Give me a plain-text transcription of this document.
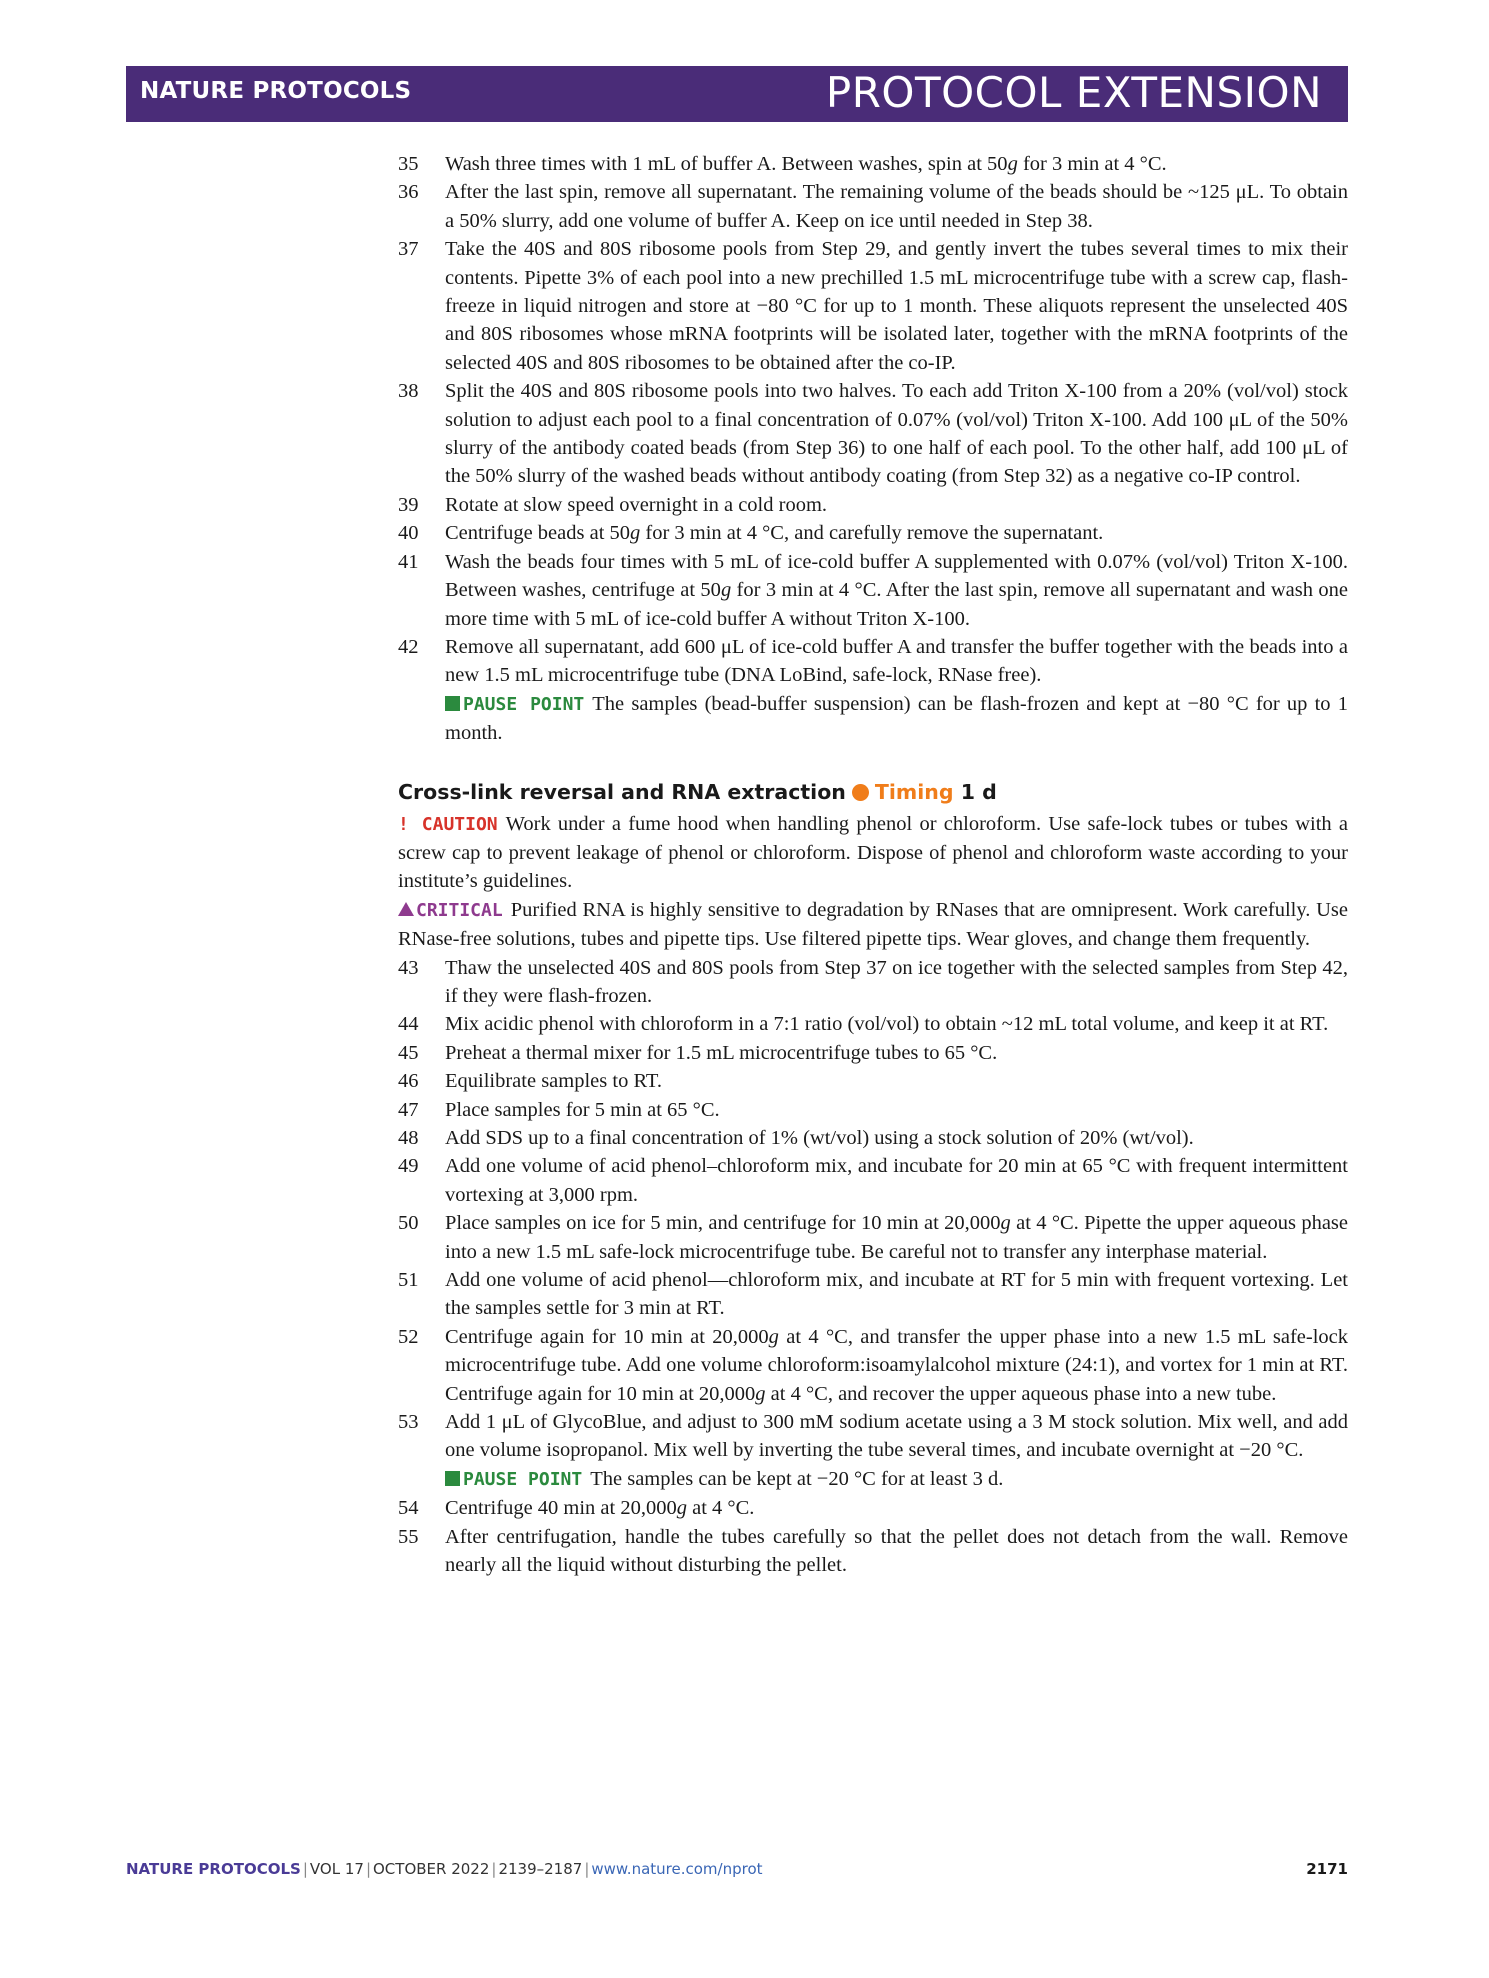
NATURE PROTOCOLS	PROTOCOL EXTENSION

35 Wash three times with 1 mL of buffer A. Between washes, spin at 50g for 3 min at 4 °C.

36 After the last spin, remove all supernatant. The remaining volume of the beads should be ~125 μL. To obtain a 50% slurry, add one volume of buffer A. Keep on ice until needed in Step 38.

37 Take the 40S and 80S ribosome pools from Step 29, and gently invert the tubes several times to mix their contents. Pipette 3% of each pool into a new prechilled 1.5 mL microcentrifuge tube with a screw cap, flash-freeze in liquid nitrogen and store at −80 °C for up to 1 month. These aliquots represent the unselected 40S and 80S ribosomes whose mRNA footprints will be isolated later, together with the mRNA footprints of the selected 40S and 80S ribosomes to be obtained after the co-IP.

38 Split the 40S and 80S ribosome pools into two halves. To each add Triton X-100 from a 20% (vol/vol) stock solution to adjust each pool to a final concentration of 0.07% (vol/vol) Triton X-100. Add 100 μL of the 50% slurry of the antibody coated beads (from Step 36) to one half of each pool. To the other half, add 100 μL of the 50% slurry of the washed beads without antibody coating (from Step 32) as a negative co-IP control.

39 Rotate at slow speed overnight in a cold room.

40 Centrifuge beads at 50g for 3 min at 4 °C, and carefully remove the supernatant.

41 Wash the beads four times with 5 mL of ice-cold buffer A supplemented with 0.07% (vol/vol) Triton X-100. Between washes, centrifuge at 50g for 3 min at 4 °C. After the last spin, remove all supernatant and wash one more time with 5 mL of ice-cold buffer A without Triton X-100.

42 Remove all supernatant, add 600 μL of ice-cold buffer A and transfer the buffer together with the beads into a new 1.5 mL microcentrifuge tube (DNA LoBind, safe-lock, RNase free).

PAUSE POINT The samples (bead-buffer suspension) can be flash-frozen and kept at −80 °C for up to 1 month.

Cross-link reversal and RNA extraction Timing 1 d

! CAUTION Work under a fume hood when handling phenol or chloroform. Use safe-lock tubes or tubes with a screw cap to prevent leakage of phenol or chloroform. Dispose of phenol and chloroform waste according to your institute’s guidelines.

CRITICAL Purified RNA is highly sensitive to degradation by RNases that are omnipresent. Work carefully. Use RNase-free solutions, tubes and pipette tips. Use filtered pipette tips. Wear gloves, and change them frequently.

43 Thaw the unselected 40S and 80S pools from Step 37 on ice together with the selected samples from Step 42, if they were flash-frozen.

44 Mix acidic phenol with chloroform in a 7:1 ratio (vol/vol) to obtain ~12 mL total volume, and keep it at RT.

45 Preheat a thermal mixer for 1.5 mL microcentrifuge tubes to 65 °C.

46 Equilibrate samples to RT.

47 Place samples for 5 min at 65 °C.

48 Add SDS up to a final concentration of 1% (wt/vol) using a stock solution of 20% (wt/vol).

49 Add one volume of acid phenol–chloroform mix, and incubate for 20 min at 65 °C with frequent intermittent vortexing at 3,000 rpm.

50 Place samples on ice for 5 min, and centrifuge for 10 min at 20,000g at 4 °C. Pipette the upper aqueous phase into a new 1.5 mL safe-lock microcentrifuge tube. Be careful not to transfer any interphase material.

51 Add one volume of acid phenol—chloroform mix, and incubate at RT for 5 min with frequent vortexing. Let the samples settle for 3 min at RT.

52 Centrifuge again for 10 min at 20,000g at 4 °C, and transfer the upper phase into a new 1.5 mL safe-lock microcentrifuge tube. Add one volume chloroform:isoamylalcohol mixture (24:1), and vortex for 1 min at RT. Centrifuge again for 10 min at 20,000g at 4 °C, and recover the upper aqueous phase into a new tube.

53 Add 1 μL of GlycoBlue, and adjust to 300 mM sodium acetate using a 3 M stock solution. Mix well, and add one volume isopropanol. Mix well by inverting the tube several times, and incubate overnight at −20 °C.

PAUSE POINT The samples can be kept at −20 °C for at least 3 d.

54 Centrifuge 40 min at 20,000g at 4 °C.

55 After centrifugation, handle the tubes carefully so that the pellet does not detach from the wall. Remove nearly all the liquid without disturbing the pellet.

NATURE PROTOCOLS | VOL 17 | OCTOBER 2022 | 2139–2187 | www.nature.com/nprot	2171
